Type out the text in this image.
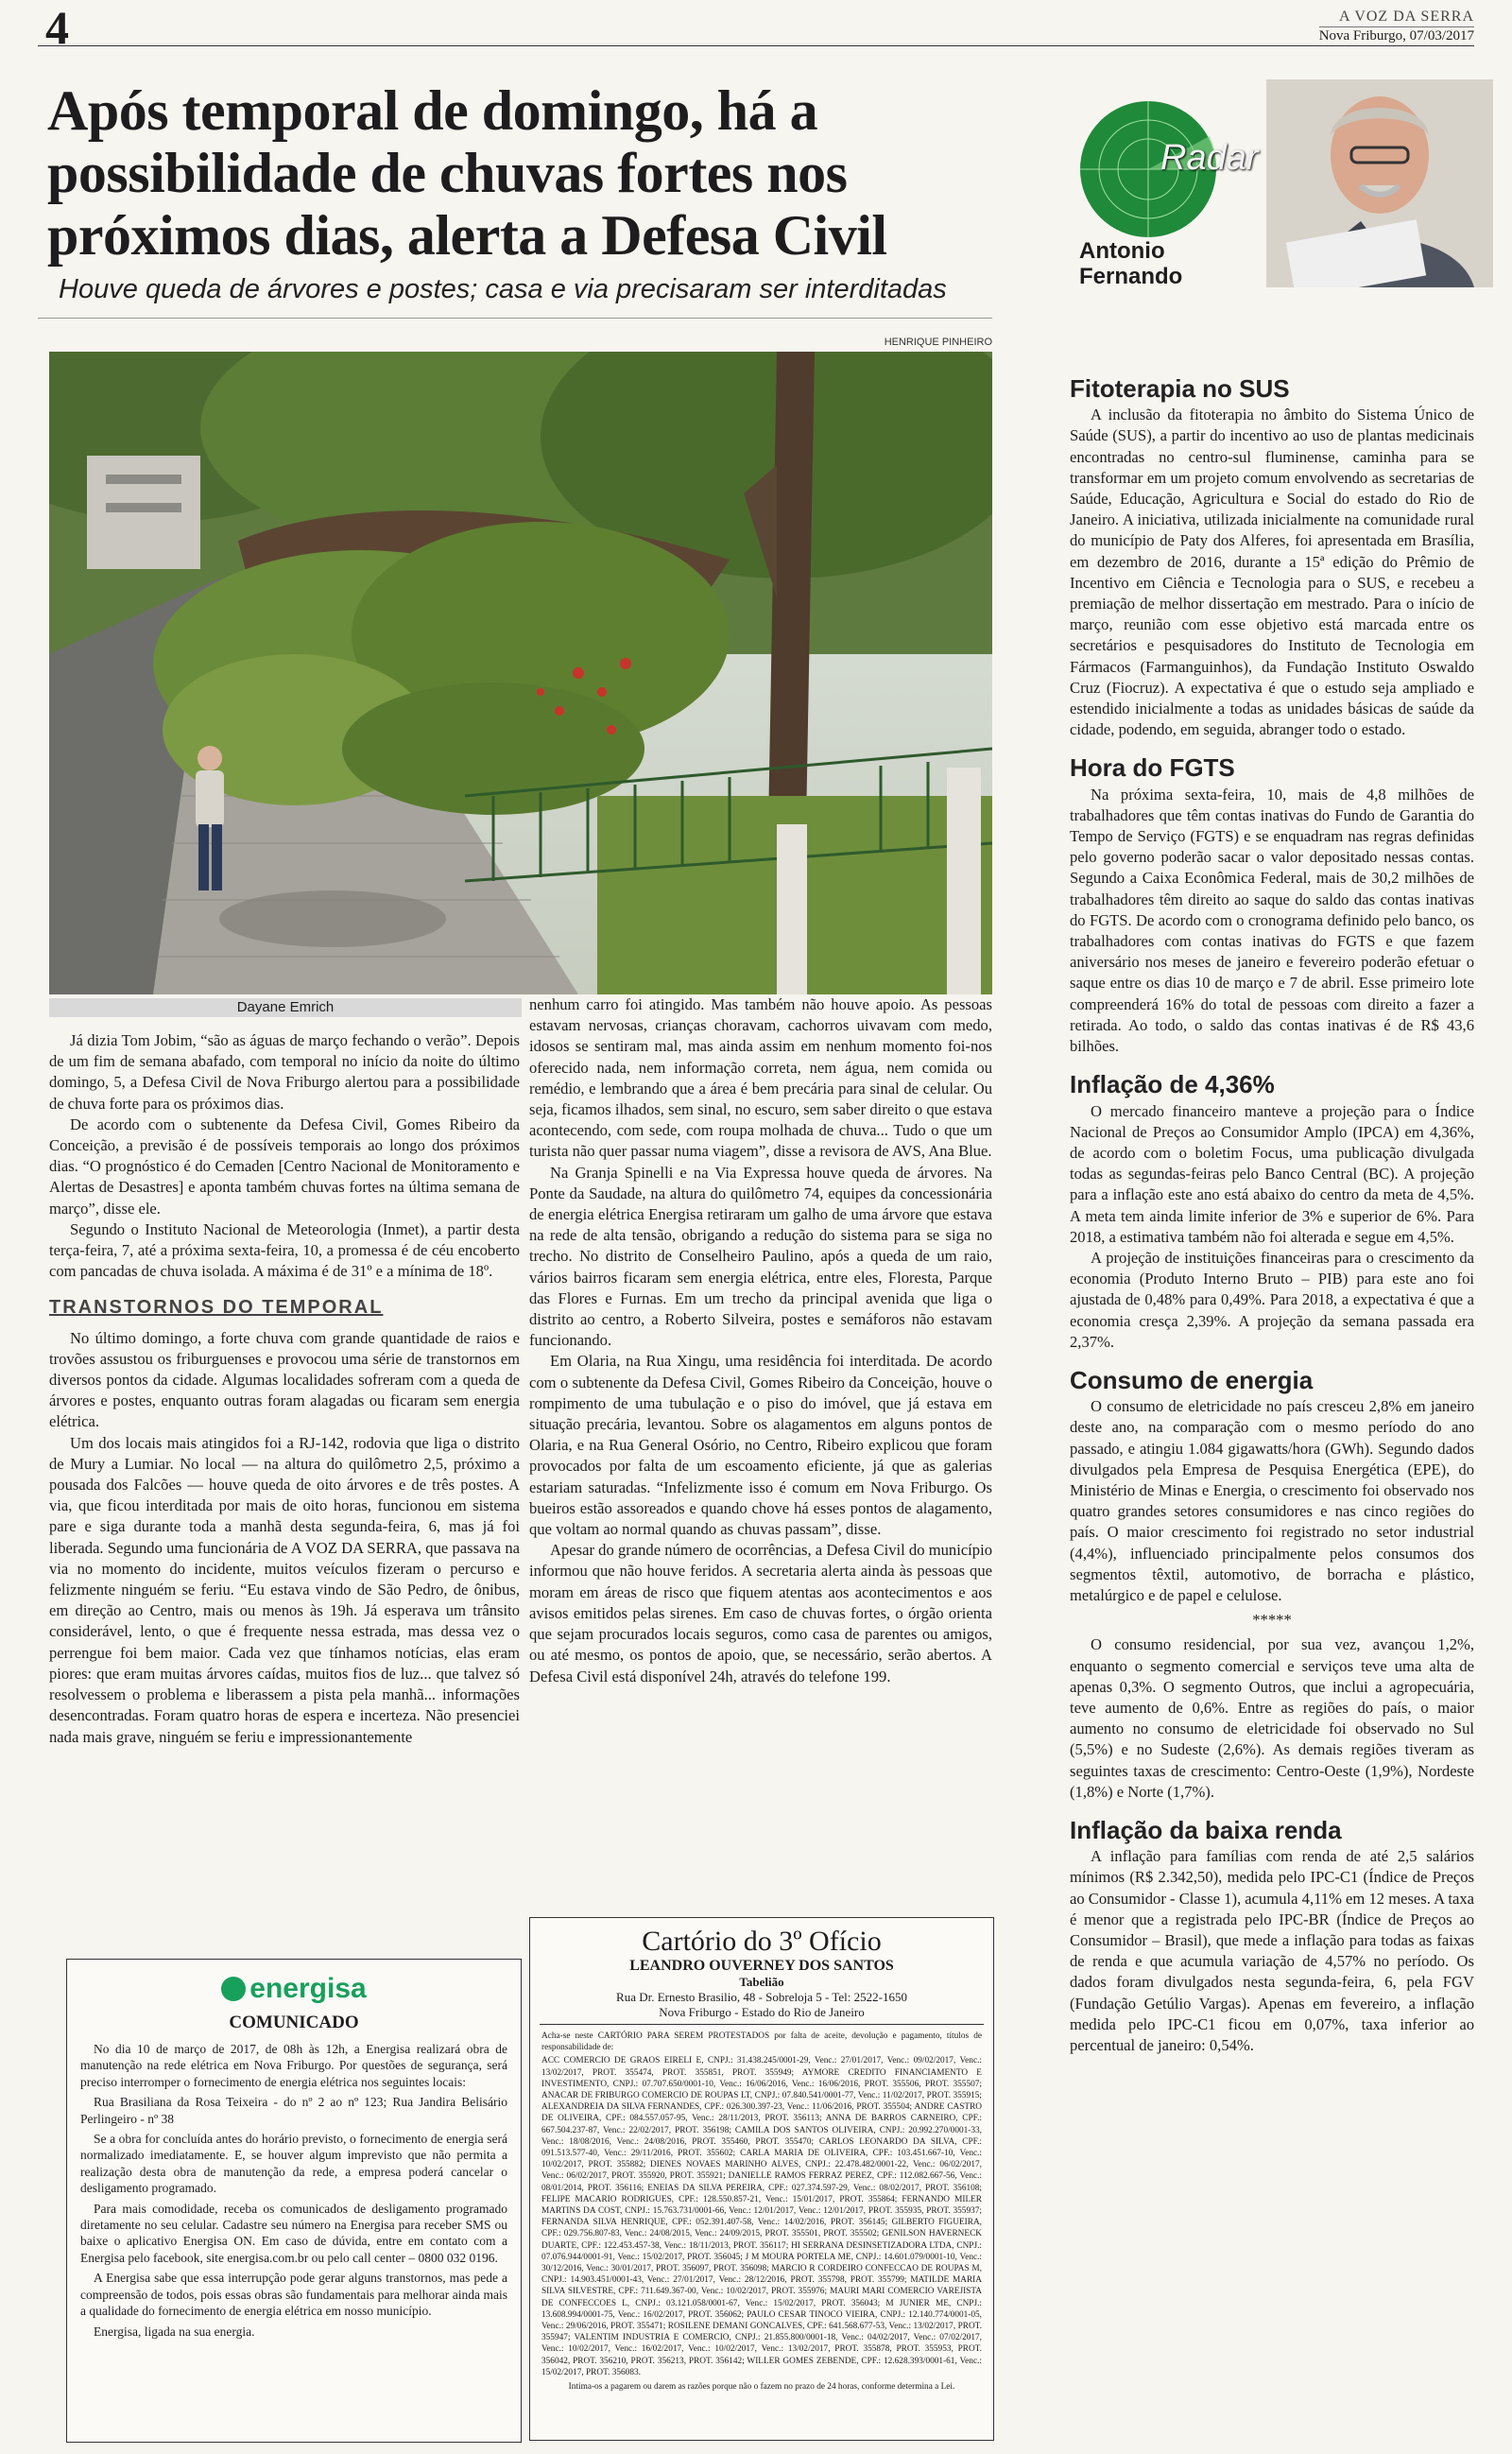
4	A VOZ DA SERRA
Nova Friburgo, 07/03/2017
Após temporal de domingo, há a possibilidade de chuvas fortes nos próximos dias, alerta a Defesa Civil
Houve queda de árvores e postes; casa e via precisaram ser interditadas
HENRIQUE PINHEIRO
Dayane Emrich

Já dizia Tom Jobim, “são as águas de março fechando o verão”. Depois de um fim de semana abafado, com temporal no início da noite do último domingo, 5, a Defesa Civil de Nova Friburgo alertou para a possibilidade de chuva forte para os próximos dias.

De acordo com o subtenente da Defesa Civil, Gomes Ribeiro da Conceição, a previsão é de possíveis temporais ao longo dos próximos dias. “O prognóstico é do Cemaden [Centro Nacional de Monitoramento e Alertas de Desastres] e aponta também chuvas fortes na última semana de março”, disse ele.

Segundo o Instituto Nacional de Meteorologia (Inmet), a partir desta terça-feira, 7, até a próxima sexta-feira, 10, a promessa é de céu encoberto com pancadas de chuva isolada. A máxima é de 31º e a mínima de 18º.

TRANSTORNOS DO TEMPORAL

No último domingo, a forte chuva com grande quantidade de raios e trovões assustou os friburguenses e provocou uma série de transtornos em diversos pontos da cidade. Algumas localidades sofreram com a queda de árvores e postes, enquanto outras foram alagadas ou ficaram sem energia elétrica.

Um dos locais mais atingidos foi a RJ-142, rodovia que liga o distrito de Mury a Lumiar. No local — na altura do quilômetro 2,5, próximo a pousada dos Falcões — houve queda de oito árvores e de três postes. A via, que ficou interditada por mais de oito horas, funcionou em sistema pare e siga durante toda a manhã desta segunda-feira, 6, mas já foi liberada. Segundo uma funcionária de A VOZ DA SERRA, que passava na via no momento do incidente, muitos veículos fizeram o percurso e felizmente ninguém se feriu. “Eu estava vindo de São Pedro, de ônibus, em direção ao Centro, mais ou menos às 19h. Já esperava um trânsito considerável, lento, o que é frequente nessa estrada, mas dessa vez o perrengue foi bem maior. Cada vez que tínhamos notícias, elas eram piores: que eram muitas árvores caídas, muitos fios de luz... que talvez só resolvessem o problema e liberassem a pista pela manhã... informações desencontradas. Foram quatro horas de espera e incerteza. Não presenciei nada mais grave, ninguém se feriu e impressionantemente

nenhum carro foi atingido. Mas também não houve apoio. As pessoas estavam nervosas, crianças choravam, cachorros uivavam com medo, idosos se sentiram mal, mas ainda assim em nenhum momento foi-nos oferecido nada, nem informação correta, nem água, nem comida ou remédio, e lembrando que a área é bem precária para sinal de celular. Ou seja, ficamos ilhados, sem sinal, no escuro, sem saber direito o que estava acontecendo, com sede, com roupa molhada de chuva... Tudo o que um turista não quer passar numa viagem”, disse a revisora de AVS, Ana Blue.

Na Granja Spinelli e na Via Expressa houve queda de árvores. Na Ponte da Saudade, na altura do quilômetro 74, equipes da concessionária de energia elétrica Energisa retiraram um galho de uma árvore que estava na rede de alta tensão, obrigando a redução do sistema para se siga no trecho. No distrito de Conselheiro Paulino, após a queda de um raio, vários bairros ficaram sem energia elétrica, entre eles, Floresta, Parque das Flores e Furnas. Em um trecho da principal avenida que liga o distrito ao centro, a Roberto Silveira, postes e semáforos não estavam funcionando.

Em Olaria, na Rua Xingu, uma residência foi interditada. De acordo com o subtenente da Defesa Civil, Gomes Ribeiro da Conceição, houve o rompimento de uma tubulação e o piso do imóvel, que já estava em situação precária, levantou. Sobre os alagamentos em alguns pontos de Olaria, e na Rua General Osório, no Centro, Ribeiro explicou que foram provocados por falta de um escoamento eficiente, já que as galerias estariam saturadas. “Infelizmente isso é comum em Nova Friburgo. Os bueiros estão assoreados e quando chove há esses pontos de alagamento, que voltam ao normal quando as chuvas passam”, disse.

Apesar do grande número de ocorrências, a Defesa Civil do município informou que não houve feridos. A secretaria alerta ainda às pessoas que moram em áreas de risco que fiquem atentas aos acontecimentos e aos avisos emitidos pelas sirenes. Em caso de chuvas fortes, o órgão orienta que sejam procurados locais seguros, como casa de parentes ou amigos, ou até mesmo, os pontos de apoio, que, se necessário, serão abertos. A Defesa Civil está disponível 24h, através do telefone 199.

energisa
COMUNICADO

No dia 10 de março de 2017, de 08h às 12h, a Energisa realizará obra de manutenção na rede elétrica em Nova Friburgo. Por questões de segurança, será preciso interromper o fornecimento de energia elétrica nos seguintes locais:

Rua Brasiliana da Rosa Teixeira - do nº 2 ao nº 123; Rua Jandira Belisário Perlingeiro - nº 38

Se a obra for concluída antes do horário previsto, o fornecimento de energia será normalizado imediatamente. E, se houver algum imprevisto que não permita a realização desta obra de manutenção da rede, a empresa poderá cancelar o desligamento programado.

Para mais comodidade, receba os comunicados de desligamento programado diretamente no seu celular. Cadastre seu número na Energisa para receber SMS ou baixe o aplicativo Energisa ON. Em caso de dúvida, entre em contato com a Energisa pelo facebook, site energisa.com.br ou pelo call center – 0800 032 0196.

A Energisa sabe que essa interrupção pode gerar alguns transtornos, mas pede a compreensão de todos, pois essas obras são fundamentais para melhorar ainda mais a qualidade do fornecimento de energia elétrica em nosso município.

Energisa, ligada na sua energia.

Cartório do 3º Ofício
LEANDRO OUVERNEY DOS SANTOS
Tabelião
Rua Dr. Ernesto Brasilio, 48 - Sobreloja 5 - Tel: 2522-1650
Nova Friburgo - Estado do Rio de Janeiro

Acha-se neste CARTÓRIO PARA SEREM PROTESTADOS por falta de aceite, devolução e pagamento, títulos de responsabilidade de:

ACC COMERCIO DE GRAOS EIRELI E, CNPJ.: 31.438.245/0001-29, Venc.: 27/01/2017, Venc.: 09/02/2017, Venc.: 13/02/2017, PROT. 355474, PROT. 355851, PROT. 355949; AYMORE CREDITO FINANCIAMENTO E INVESTIMENTO, CNPJ.: 07.707.650/0001-10, Venc.: 16/06/2016, Venc.: 16/06/2016, PROT. 355506, PROT. 355507; ANACAR DE FRIBURGO COMERCIO DE ROUPAS LT, CNPJ.: 07.840.541/0001-77, Venc.: 11/02/2017, PROT. 355915; ALEXANDREIA DA SILVA FERNANDES, CPF.: 026.300.397-23, Venc.: 11/06/2016, PROT. 355504; ANDRE CASTRO DE OLIVEIRA, CPF.: 084.557.057-95, Venc.: 28/11/2013, PROT. 356113; ANNA DE BARROS CARNEIRO, CPF.: 667.504.237-87, Venc.: 22/02/2017, PROT. 356198; CAMILA DOS SANTOS OLIVEIRA, CNPJ.: 20.992.270/0001-33, Venc.: 18/08/2016, Venc.: 24/08/2016, PROT. 355460, PROT. 355470; CARLOS LEONARDO DA SILVA, CPF.: 091.513.577-40, Venc.: 29/11/2016, PROT. 355602; CARLA MARIA DE OLIVEIRA, CPF.: 103.451.667-10, Venc.: 10/02/2017, PROT. 355882; DIENES NOVAES MARINHO ALVES, CNPJ.: 22.478.482/0001-22, Venc.: 06/02/2017, Venc.: 06/02/2017, PROT. 355920, PROT. 355921; DANIELLE RAMOS FERRAZ PEREZ, CPF.: 112.082.667-56, Venc.: 08/01/2014, PROT. 356116; ENEIAS DA SILVA PEREIRA, CPF.: 027.374.597-29, Venc.: 08/02/2017, PROT. 356108; FELIPE MACARIO RODRIGUES, CPF.: 128.550.857-21, Venc.: 15/01/2017, PROT. 355864; FERNANDO MILER MARTINS DA COST, CNPJ.: 15.763.731/0001-66, Venc.: 12/01/2017, Venc.: 12/01/2017, PROT. 355935, PROT. 355937; FERNANDA SILVA HENRIQUE, CPF.: 052.391.407-58, Venc.: 14/02/2016, PROT. 356145; GILBERTO FIGUEIRA, CPF.: 029.756.807-83, Venc.: 24/08/2015, Venc.: 24/09/2015, PROT. 355501, PROT. 355502; GENILSON HAVERNECK DUARTE, CPF.: 122.453.457-38, Venc.: 18/11/2013, PROT. 356117; HI SERRANA DESINSETIZADORA LTDA, CNPJ.: 07.076.944/0001-91, Venc.: 15/02/2017, PROT. 356045; J M MOURA PORTELA ME, CNPJ.: 14.601.079/0001-10, Venc.: 30/12/2016, Venc.: 30/01/2017, PROT. 356097, PROT. 356098; MARCIO R CORDEIRO CONFECCAO DE ROUPAS M, CNPJ.: 14.903.451/0001-43, Venc.: 27/01/2017, Venc.: 28/12/2016, PROT. 355798, PROT. 355799; MATILDE MARIA SILVA SILVESTRE, CPF.: 711.649.367-00, Venc.: 10/02/2017, PROT. 355976; MAURI MARI COMERCIO VAREJISTA DE CONFECCOES L, CNPJ.: 03.121.058/0001-67, Venc.: 15/02/2017, PROT. 356043; M JUNIER ME, CNPJ.: 13.608.994/0001-75, Venc.: 16/02/2017, PROT. 356062; PAULO CESAR TINOCO VIEIRA, CNPJ.: 12.140.774/0001-05, Venc.: 29/06/2016, PROT. 355471; ROSILENE DEMANI GONCALVES, CPF.: 641.568.677-53, Venc.: 13/02/2017, PROT. 355947; VALENTIM INDUSTRIA E COMERCIO, CNPJ.: 21.855.800/0001-18, Venc.: 04/02/2017, Venc.: 07/02/2017, Venc.: 10/02/2017, Venc.: 16/02/2017, Venc.: 10/02/2017, Venc.: 13/02/2017, PROT. 355878, PROT. 355953, PROT. 356042, PROT. 356210, PROT. 356213, PROT. 356142; WILLER GOMES ZEBENDE, CPF.: 12.628.393/0001-61, Venc.: 15/02/2017, PROT. 356083.

Intima-os a pagarem ou darem as razões porque não o fazem no prazo de 24 horas, conforme determina a Lei.

Radar
Antonio Fernando
Fitoterapia no SUS

A inclusão da fitoterapia no âmbito do Sistema Único de Saúde (SUS), a partir do incentivo ao uso de plantas medicinais encontradas no centro-sul fluminense, caminha para se transformar em um projeto comum envolvendo as secretarias de Saúde, Educação, Agricultura e Social do estado do Rio de Janeiro. A iniciativa, utilizada inicialmente na comunidade rural do município de Paty dos Alferes, foi apresentada em Brasília, em dezembro de 2016, durante a 15ª edição do Prêmio de Incentivo em Ciência e Tecnologia para o SUS, e recebeu a premiação de melhor dissertação em mestrado. Para o início de março, reunião com esse objetivo está marcada entre os secretários e pesquisadores do Instituto de Tecnologia em Fármacos (Farmanguinhos), da Fundação Instituto Oswaldo Cruz (Fiocruz). A expectativa é que o estudo seja ampliado e estendido inicialmente a todas as unidades básicas de saúde da cidade, podendo, em seguida, abranger todo o estado.

Hora do FGTS

Na próxima sexta-feira, 10, mais de 4,8 milhões de trabalhadores que têm contas inativas do Fundo de Garantia do Tempo de Serviço (FGTS) e se enquadram nas regras definidas pelo governo poderão sacar o valor depositado nessas contas. Segundo a Caixa Econômica Federal, mais de 30,2 milhões de trabalhadores têm direito ao saque do saldo das contas inativas do FGTS. De acordo com o cronograma definido pelo banco, os trabalhadores com contas inativas do FGTS e que fazem aniversário nos meses de janeiro e fevereiro poderão efetuar o saque entre os dias 10 de março e 7 de abril. Esse primeiro lote compreenderá 16% do total de pessoas com direito a fazer a retirada. Ao todo, o saldo das contas inativas é de R$ 43,6 bilhões.

Inflação de 4,36%

O mercado financeiro manteve a projeção para o Índice Nacional de Preços ao Consumidor Amplo (IPCA) em 4,36%, de acordo com o boletim Focus, uma publicação divulgada todas as segundas-feiras pelo Banco Central (BC). A projeção para a inflação este ano está abaixo do centro da meta de 4,5%. A meta tem ainda limite inferior de 3% e superior de 6%. Para 2018, a estimativa também não foi alterada e segue em 4,5%.

A projeção de instituições financeiras para o crescimento da economia (Produto Interno Bruto – PIB) para este ano foi ajustada de 0,48% para 0,49%. Para 2018, a expectativa é que a economia cresça 2,39%. A projeção da semana passada era 2,37%.

Consumo de energia

O consumo de eletricidade no país cresceu 2,8% em janeiro deste ano, na comparação com o mesmo período do ano passado, e atingiu 1.084 gigawatts/hora (GWh). Segundo dados divulgados pela Empresa de Pesquisa Energética (EPE), do Ministério de Minas e Energia, o crescimento foi observado nos quatro grandes setores consumidores e nas cinco regiões do país. O maior crescimento foi registrado no setor industrial (4,4%), influenciado principalmente pelos consumos dos segmentos têxtil, automotivo, de borracha e plástico, metalúrgico e de papel e celulose.

*****

O consumo residencial, por sua vez, avançou 1,2%, enquanto o segmento comercial e serviços teve uma alta de apenas 0,3%. O segmento Outros, que inclui a agropecuária, teve aumento de 0,6%. Entre as regiões do país, o maior aumento no consumo de eletricidade foi observado no Sul (5,5%) e no Sudeste (2,6%). As demais regiões tiveram as seguintes taxas de crescimento: Centro-Oeste (1,9%), Nordeste (1,8%) e Norte (1,7%).

Inflação da baixa renda

A inflação para famílias com renda de até 2,5 salários mínimos (R$ 2.342,50), medida pelo IPC-C1 (Índice de Preços ao Consumidor - Classe 1), acumula 4,11% em 12 meses. A taxa é menor que a registrada pelo IPC-BR (Índice de Preços ao Consumidor – Brasil), que mede a inflação para todas as faixas de renda e que acumula variação de 4,57% no período. Os dados foram divulgados nesta segunda-feira, 6, pela FGV (Fundação Getúlio Vargas). Apenas em fevereiro, a inflação medida pelo IPC-C1 ficou em 0,07%, taxa inferior ao percentual de janeiro: 0,54%.
